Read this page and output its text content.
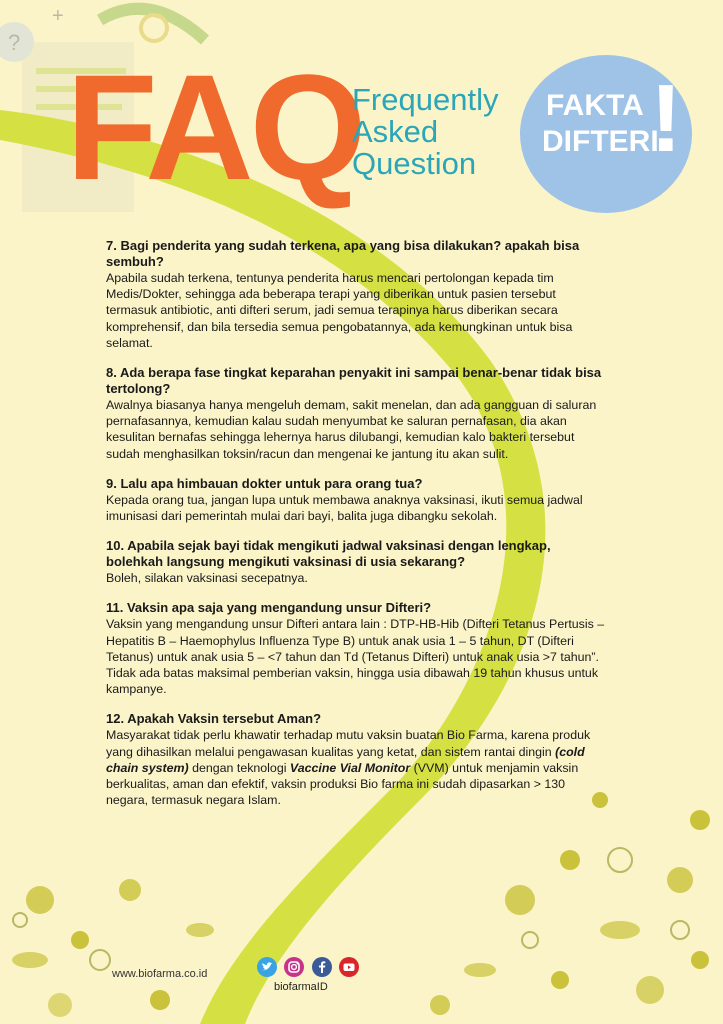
?
+
FAQ
Frequently
Asked
Question
FAKTA
DIFTERI
!

7. Bagi penderita yang sudah terkena, apa yang bisa dilakukan? apakah bisa sembuh?

Apabila sudah terkena, tentunya penderita harus mencari pertolongan kepada tim Medis/Dokter, sehingga ada beberapa terapi yang diberikan untuk pasien tersebut termasuk antibiotic, anti difteri serum, jadi semua terapinya harus diberikan secara komprehensif, dan bila tersedia semua pengobatannya, ada kemungkinan untuk bisa selamat.

8. Ada berapa fase tingkat keparahan penyakit ini sampai benar-benar tidak bisa tertolong?

Awalnya biasanya hanya mengeluh demam, sakit menelan, dan ada gangguan di saluran pernafasannya, kemudian kalau sudah menyumbat ke saluran pernafasan, dia akan kesulitan bernafas sehingga lehernya harus dilubangi, kemudian kalo bakteri tersebut sudah menghasilkan toksin/racun dan mengenai ke jantung itu akan sulit.

9. Lalu apa himbauan dokter untuk para orang tua?

Kepada orang tua, jangan lupa untuk membawa anaknya vaksinasi, ikuti semua jadwal imunisasi dari pemerintah mulai dari bayi, balita juga dibangku sekolah.

10. Apabila sejak bayi tidak mengikuti jadwal vaksinasi dengan lengkap, bolehkah langsung mengikuti vaksinasi di usia sekarang?

Boleh, silakan vaksinasi secepatnya.

11. Vaksin apa saja yang mengandung unsur Difteri?

Vaksin yang mengandung unsur Difteri antara lain : DTP-HB-Hib (Difteri Tetanus Pertusis – Hepatitis B – Haemophylus Influenza Type B) untuk anak usia 1 – 5 tahun, DT (Difteri Tetanus) untuk anak usia 5 – <7 tahun dan Td (Tetanus Difteri) untuk anak usia >7 tahun”. Tidak ada batas maksimal pemberian vaksin, hingga usia dibawah 19 tahun khusus untuk kampanye.

12. Apakah Vaksin tersebut Aman?

Masyarakat tidak perlu khawatir terhadap mutu vaksin buatan Bio Farma, karena produk yang dihasilkan melalui pengawasan kualitas yang ketat, dan sistem rantai dingin (cold chain system) dengan teknologi Vaccine Vial Monitor (VVM) untuk menjamin vaksin berkualitas, aman dan efektif, vaksin produksi Bio farma ini sudah dipasarkan > 130 negara, termasuk negara Islam.

www.biofarma.co.id

biofarmaID
